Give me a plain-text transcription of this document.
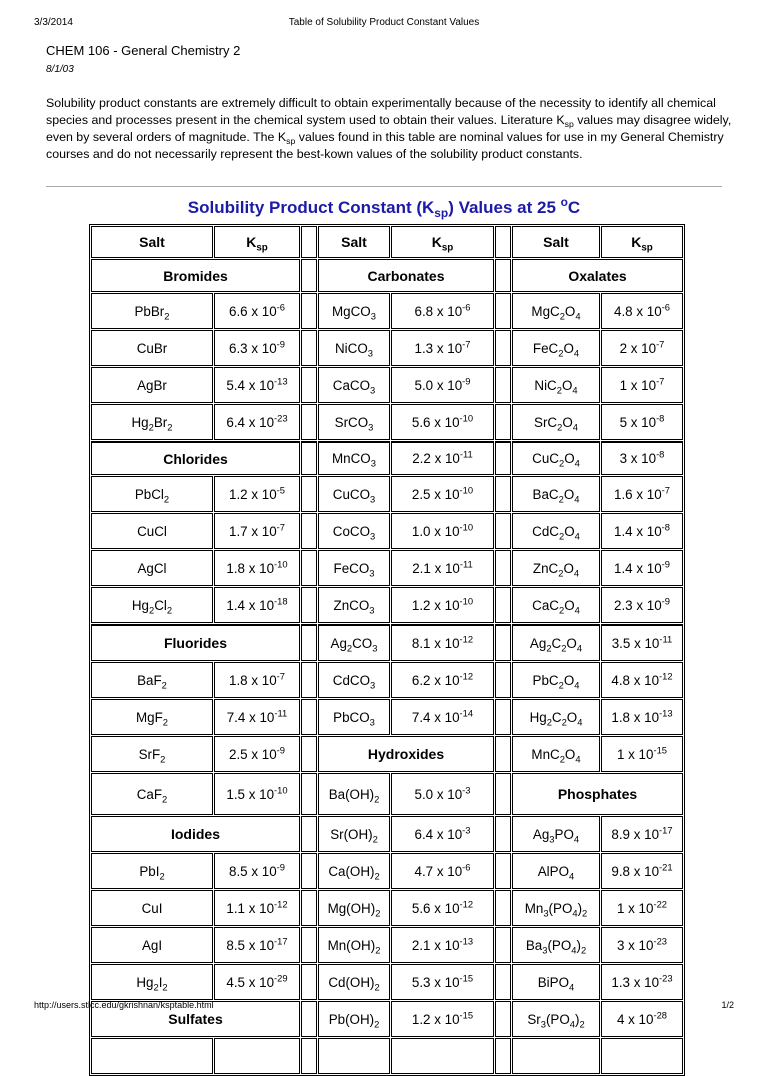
3/3/2014	Table of Solubility Product Constant Values
CHEM 106 - General Chemistry 2
8/1/03

Solubility product constants are extremely difficult to obtain experimentally because of the necessity to identify all chemical species and processes present in the chemical system used to obtain their values. Literature $K_{sp}$ values may disagree widely, even by several orders of magnitude. The $K_{sp}$ values found in this table are nominal values for use in my General Chemistry courses and do not necessarily represent the best-kown values of the solubility product constants.

Solubility Product Constant $(K_{sp})$ Values at 25 $^o$C
Salt	$K_{sp}$		Salt	$K_{sp}$		Salt	$K_{sp}$
Bromides			Carbonates			Oxalates	
PbBr$_2$	6.6 x $10^{-6}$		MgCO$_3$	6.8 x $10^{-6}$		$MgC_2O_4$	4.8 x $10^{-6}$
CuBr	6.3 x $10^{-9}$		NiCO$_3$	1.3 x $10^{-7}$		$FeC_2O_4$	2 x $10^{-7}$
AgBr	5.4 x $10^{-13}$		CaCO$_3$	5.0 x $10^{-9}$		$NiC_2O_4$	1 x $10^{-7}$
$Hg_2Br_2$	6.4 x $10^{-23}$		SrCO$_3$	5.6 x $10^{-10}$		$SrC_2O_4$	5 x $10^{-8}$
Chlorides			MnCO$_3$	2.2 x $10^{-11}$		$CuC_2O_4$	3 x $10^{-8}$
PbCl$_2$	1.2 x $10^{-5}$		CuCO$_3$	2.5 x $10^{-10}$		$BaC_2O_4$	1.6 x $10^{-7}$
CuCl	1.7 x $10^{-7}$		CoCO$_3$	1.0 x $10^{-10}$		$CdC_2O_4$	1.4 x $10^{-8}$
AgCl	1.8 x $10^{-10}$		FeCO$_3$	2.1 x $10^{-11}$		$ZnC_2O_4$	1.4 x $10^{-9}$
$Hg_2Cl_2$	1.4 x $10^{-18}$		ZnCO$_3$	1.2 x $10^{-10}$		$CaC_2O_4$	2.3 x $10^{-9}$
Fluorides			$Ag_2CO_3$	8.1 x $10^{-12}$		$Ag_2C_2O_4$	3.5 x $10^{-11}$
BaF$_2$	1.8 x $10^{-7}$		CdCO$_3$	6.2 x $10^{-12}$		$PbC_2O_4$	4.8 x $10^{-12}$
MgF$_2$	7.4 x $10^{-11}$		PbCO$_3$	7.4 x $10^{-14}$		$Hg_2C_2O_4$	1.8 x $10^{-13}$
SrF$_2$	2.5 x $10^{-9}$		Hydroxides			$MnC_2O_4$	1 x $10^{-15}$
CaF$_2$	1.5 x $10^{-10}$		$Ba(OH)_2$	5.0 x $10^{-3}$		Phosphates	
Iodides			$Sr(OH)_2$	6.4 x $10^{-3}$		$Ag_3PO_4$	8.9 x $10^{-17}$
PbI$_2$	8.5 x $10^{-9}$		$Ca(OH)_2$	4.7 x $10^{-6}$		AlPO$_4$	9.8 x $10^{-21}$
CuI	1.1 x $10^{-12}$		$Mg(OH)_2$	5.6 x $10^{-12}$		$Mn_3(PO_4)_2$	1 x $10^{-22}$
AgI	8.5 x $10^{-17}$		$Mn(OH)_2$	2.1 x $10^{-13}$		$Ba_3(PO_4)_2$	3 x $10^{-23}$
$Hg_2I_2$	4.5 x $10^{-29}$		$Cd(OH)_2$	5.3 x $10^{-15}$		BiPO$_4$	1.3 x $10^{-23}$
Sulfates			$Pb(OH)_2$	1.2 x $10^{-15}$		$Sr_3(PO_4)_2$	4 x $10^{-28}$

http://users.stlcc.edu/gkrishnan/ksptable.html	1/2
